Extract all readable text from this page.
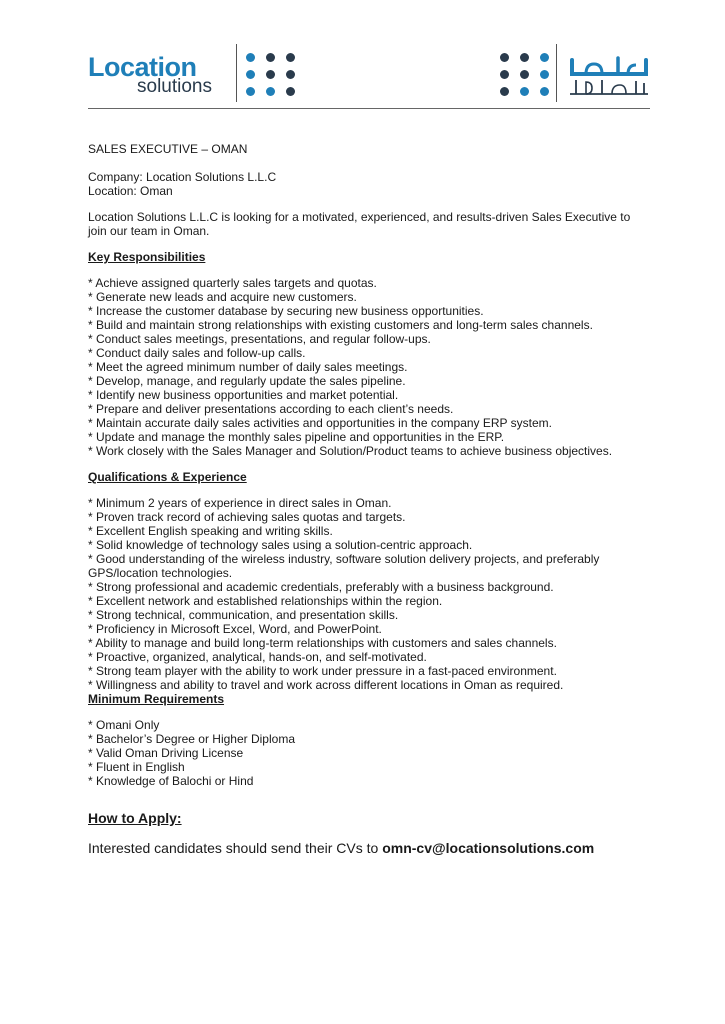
Location
solutions

SALES EXECUTIVE – OMAN

Company: Location Solutions L.L.C

Location: Oman

Location Solutions L.L.C is looking for a motivated, experienced, and results-driven Sales Executive to

join our team in Oman.

Key Responsibilities

* Achieve assigned quarterly sales targets and quotas.

* Generate new leads and acquire new customers.

* Increase the customer database by securing new business opportunities.

* Build and maintain strong relationships with existing customers and long-term sales channels.

* Conduct sales meetings, presentations, and regular follow-ups.

* Conduct daily sales and follow-up calls.

* Meet the agreed minimum number of daily sales meetings.

* Develop, manage, and regularly update the sales pipeline.

* Identify new business opportunities and market potential.

* Prepare and deliver presentations according to each client’s needs.

* Maintain accurate daily sales activities and opportunities in the company ERP system.

* Update and manage the monthly sales pipeline and opportunities in the ERP.

* Work closely with the Sales Manager and Solution/Product teams to achieve business objectives.

Qualifications & Experience

* Minimum 2 years of experience in direct sales in Oman.

* Proven track record of achieving sales quotas and targets.

* Excellent English speaking and writing skills.

* Solid knowledge of technology sales using a solution-centric approach.

* Good understanding of the wireless industry, software solution delivery projects, and preferably

GPS/location technologies.

* Strong professional and academic credentials, preferably with a business background.

* Excellent network and established relationships within the region.

* Strong technical, communication, and presentation skills.

* Proficiency in Microsoft Excel, Word, and PowerPoint.

* Ability to manage and build long-term relationships with customers and sales channels.

* Proactive, organized, analytical, hands-on, and self-motivated.

* Strong team player with the ability to work under pressure in a fast-paced environment.

* Willingness and ability to travel and work across different locations in Oman as required.

Minimum Requirements

* Omani Only

* Bachelor’s Degree or Higher Diploma

* Valid Oman Driving License

* Fluent in English

* Knowledge of Balochi or Hind

How to Apply:

Interested candidates should send their CVs to omn-cv@locationsolutions.com
